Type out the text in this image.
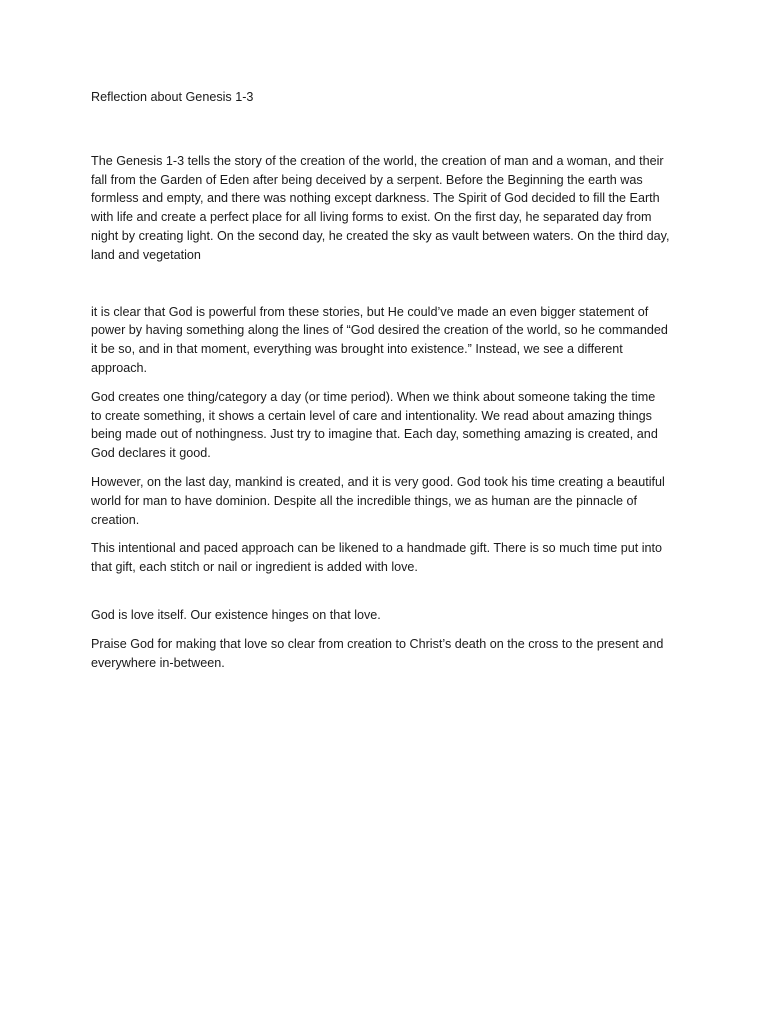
Reflection about Genesis 1-3

The Genesis 1-3 tells the story of the creation of the world, the creation of man and a woman, and their
fall from the Garden of Eden after being deceived by a serpent. Before the Beginning the earth was
formless and empty, and there was nothing except darkness. The Spirit of God decided to fill the Earth
with life and create a perfect place for all living forms to exist. On the first day, he separated day from
night by creating light. On the second day, he created the sky as vault between waters. On the third day,
land and vegetation

it is clear that God is powerful from these stories, but He could’ve made an even bigger statement of
power by having something along the lines of “God desired the creation of the world, so he commanded
it be so, and in that moment, everything was brought into existence.” Instead, we see a different
approach.

God creates one thing/category a day (or time period). When we think about someone taking the time
to create something, it shows a certain level of care and intentionality. We read about amazing things
being made out of nothingness. Just try to imagine that. Each day, something amazing is created, and
God declares it good.

However, on the last day, mankind is created, and it is very good. God took his time creating a beautiful
world for man to have dominion. Despite all the incredible things, we as human are the pinnacle of
creation.

This intentional and paced approach can be likened to a handmade gift. There is so much time put into
that gift, each stitch or nail or ingredient is added with love.

God is love itself. Our existence hinges on that love.

Praise God for making that love so clear from creation to Christ’s death on the cross to the present and
everywhere in-between.
